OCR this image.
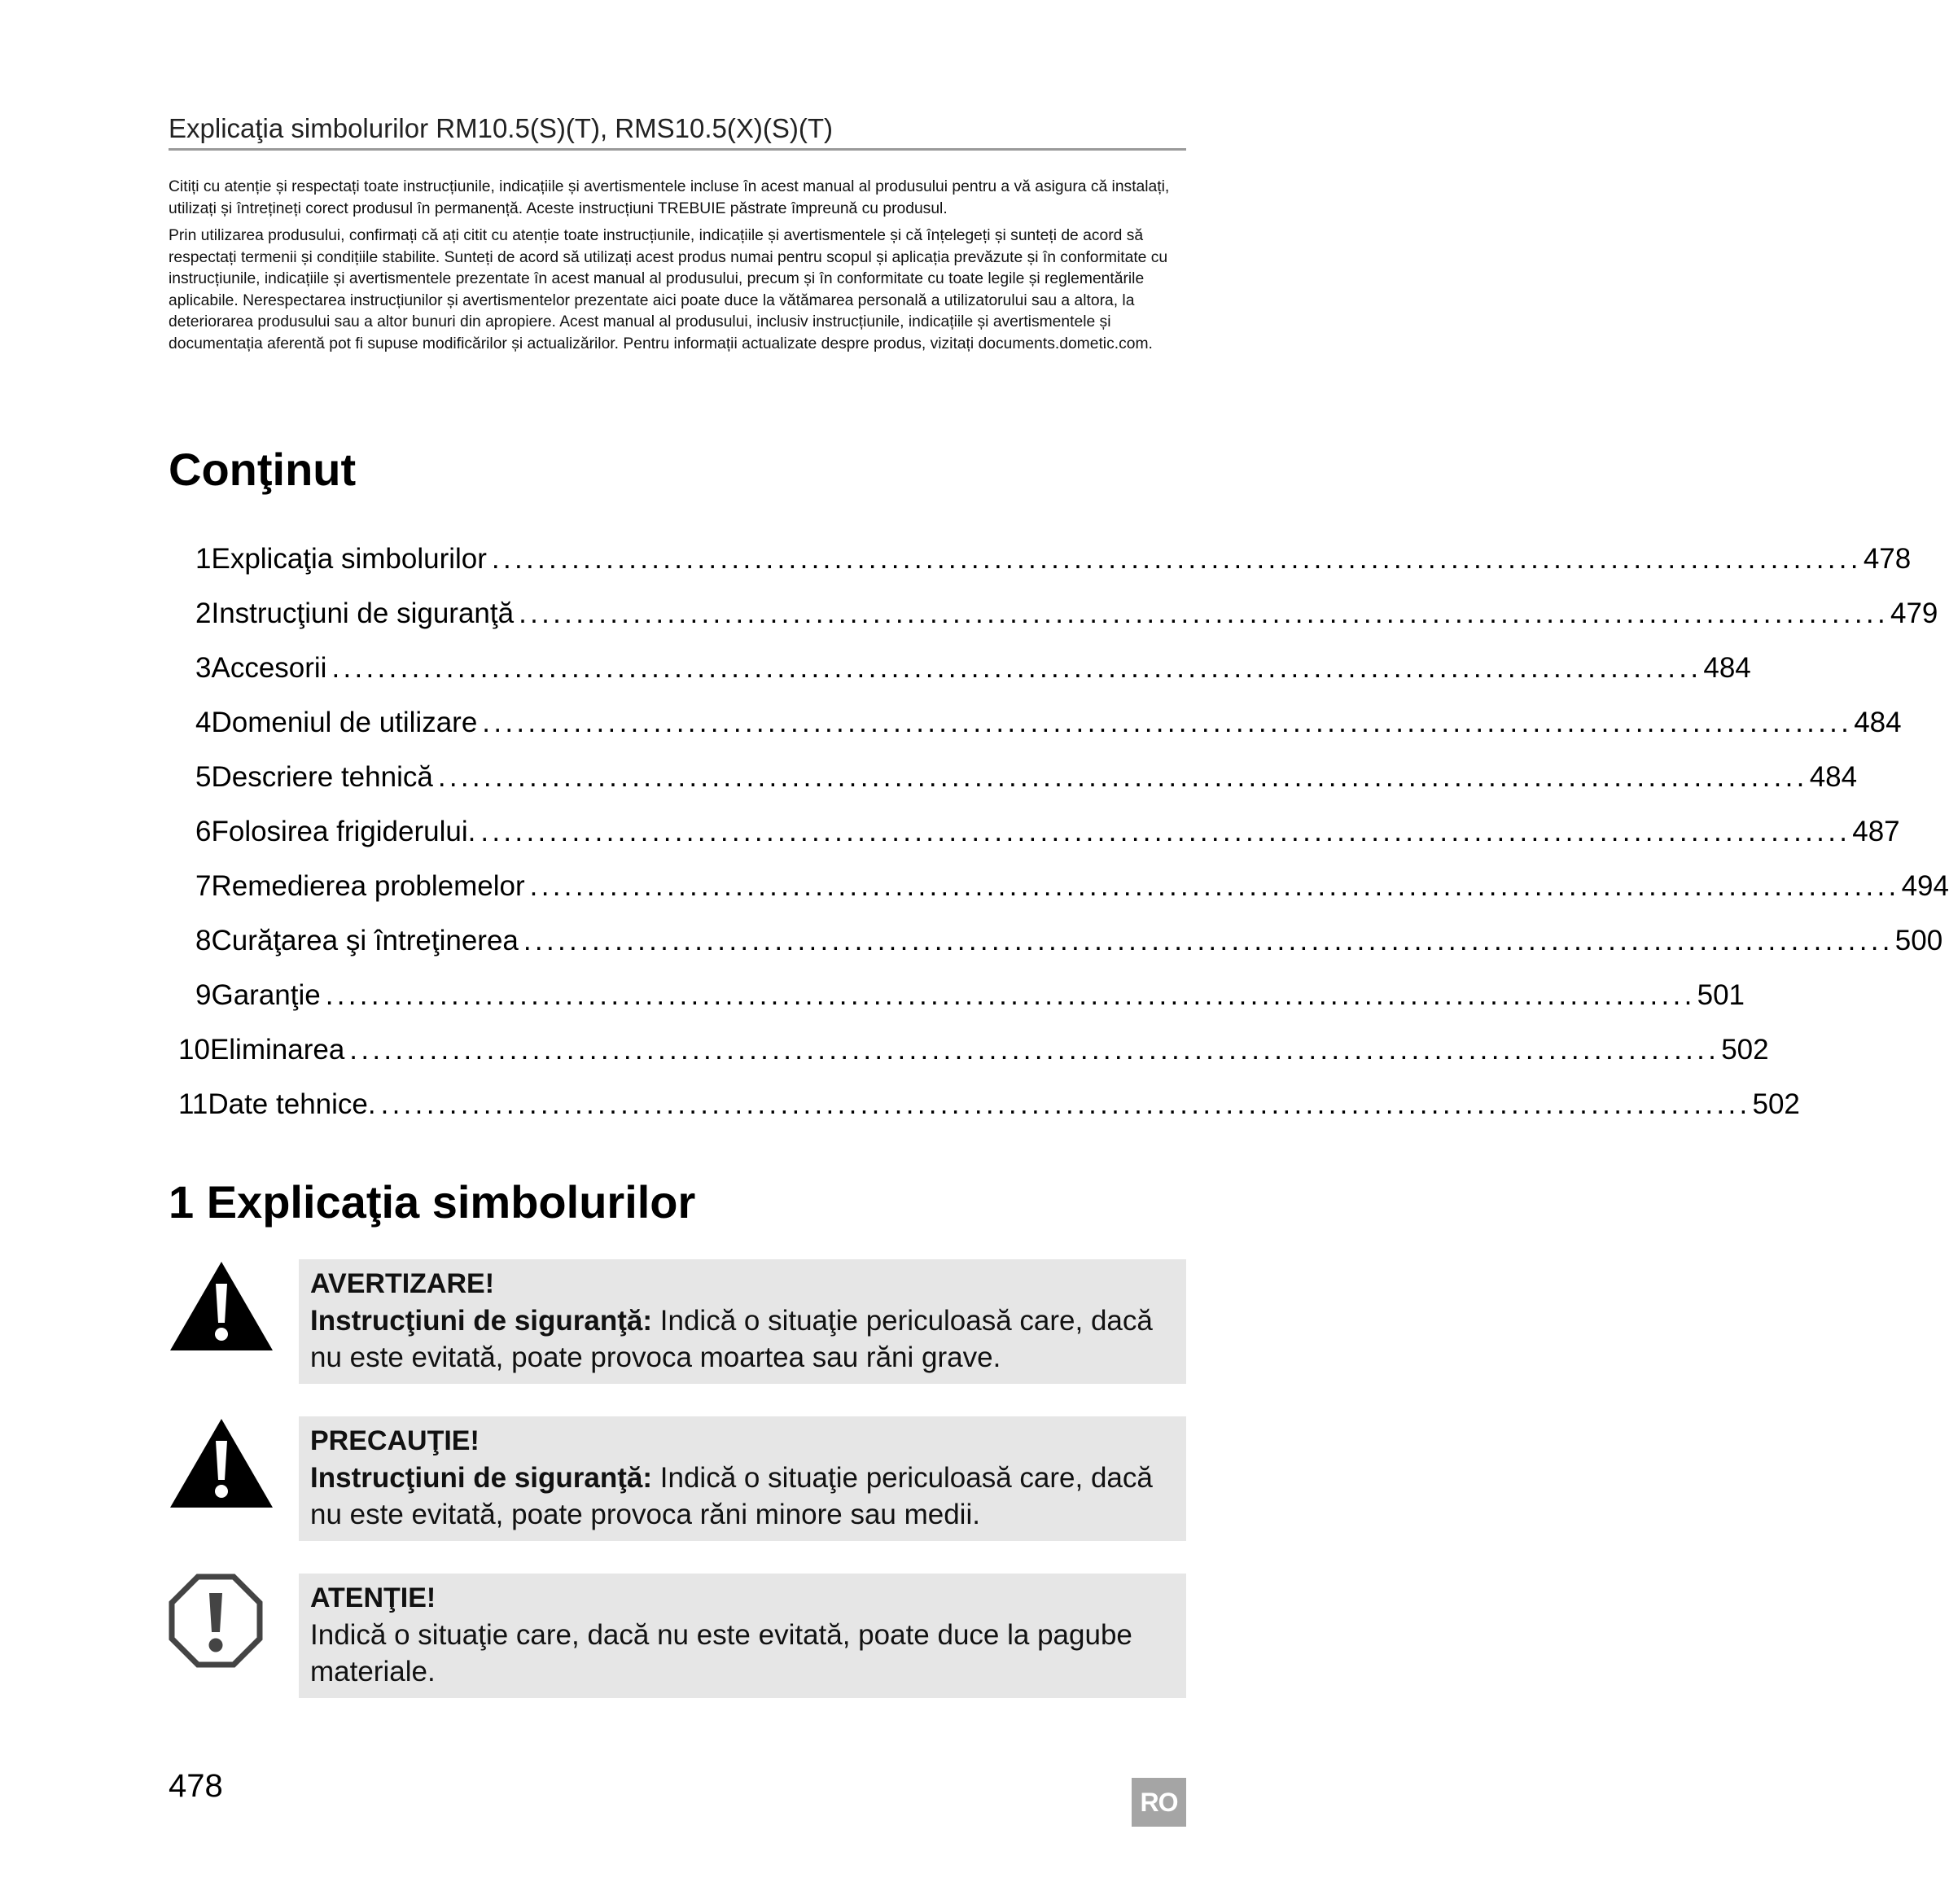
Explicaţia simbolurilor RM10.5(S)(T), RMS10.5(X)(S)(T)

Citiți cu atenție și respectați toate instrucțiunile, indicațiile și avertismentele incluse în acest manual al produsului pentru a vă asigura că instalați, utilizați și întrețineți corect produsul în permanență. Aceste instrucțiuni TREBUIE păstrate împreună cu produsul.

Prin utilizarea produsului, confirmați că ați citit cu atenție toate instrucțiunile, indicațiile și avertismentele și că înțelegeți și sunteți de acord să respectați termenii și condițiile stabilite. Sunteți de acord să utilizați acest produs numai pentru scopul și aplicația prevăzute și în conformitate cu instrucțiunile, indicațiile și avertismentele prezentate în acest manual al produsului, precum și în conformitate cu toate legile și reglementările aplicabile. Nerespectarea instrucțiunilor și avertismentelor prezentate aici poate duce la vătămarea personală a utilizatorului sau a altora, la deteriorarea produsului sau a altor bunuri din apropiere. Acest manual al produsului, inclusiv instrucțiunile, indicațiile și avertismentele și documentația aferentă pot fi supuse modificărilor și actualizărilor. Pentru informații actualizate despre produs, vizitați documents.dometic.com.

Conţinut
1 Explicaţia simbolurilor ........................................................................................................................ 478
2 Instrucţiuni de siguranţă ........................................................................................................................ 479
3 Accesorii ........................................................................................................................ 484
4 Domeniul de utilizare ........................................................................................................................ 484
5 Descriere tehnică ........................................................................................................................ 484
6 Folosirea frigiderului. ........................................................................................................................ 487
7 Remedierea problemelor ........................................................................................................................ 494
8 Curăţarea şi întreţinerea ........................................................................................................................ 500
9 Garanţie ........................................................................................................................ 501
10 Eliminarea ........................................................................................................................ 502
11 Date tehnice. ........................................................................................................................ 502
1 Explicaţia simbolurilor
AVERTIZARE!
Instrucţiuni de siguranţă: Indică o situaţie periculoasă care, dacă nu este evitată, poate provoca moartea sau răni grave.
PRECAUŢIE!
Instrucţiuni de siguranţă: Indică o situaţie periculoasă care, dacă nu este evitată, poate provoca răni minore sau medii.
ATENŢIE!
Indică o situaţie care, dacă nu este evitată, poate duce la pagube materiale.
478	RO
